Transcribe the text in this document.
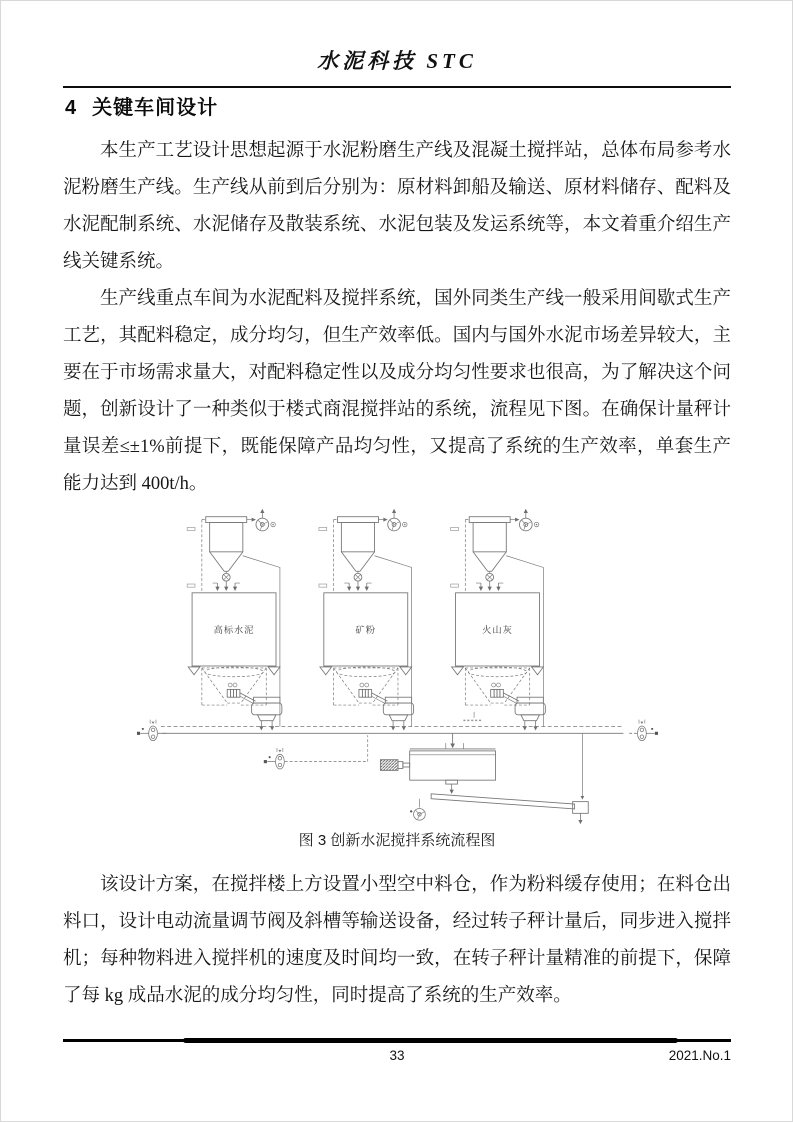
水泥科技 STC
4 关键车间设计

本生产工艺设计思想起源于水泥粉磨生产线及混凝土搅拌站，总体布局参考水泥粉磨生产线。生产线从前到后分别为：原材料卸船及输送、原材料储存、配料及水泥配制系统、水泥储存及散装系统、水泥包装及发运系统等，本文着重介绍生产线关键系统。

生产线重点车间为水泥配料及搅拌系统，国外同类生产线一般采用间歇式生产工艺，其配料稳定，成分均匀，但生产效率低。国内与国外水泥市场差异较大，主要在于市场需求量大，对配料稳定性以及成分均匀性要求也很高，为了解决这个问题，创新设计了一种类似于楼式商混搅拌站的系统，流程见下图。在确保计量秤计量误差≤±1%前提下，既能保障产品均匀性，又提高了系统的生产效率，单套生产能力达到 400t/h。

高标水泥	矿粉	火山灰
图 3 创新水泥搅拌系统流程图

该设计方案，在搅拌楼上方设置小型空中料仓，作为粉料缓存使用；在料仓出料口，设计电动流量调节阀及斜槽等输送设备，经过转子秤计量后，同步进入搅拌机；每种物料进入搅拌机的速度及时间均一致，在转子秤计量精准的前提下，保障了每 kg 成品水泥的成分均匀性，同时提高了系统的生产效率。

33	2021.No.1
